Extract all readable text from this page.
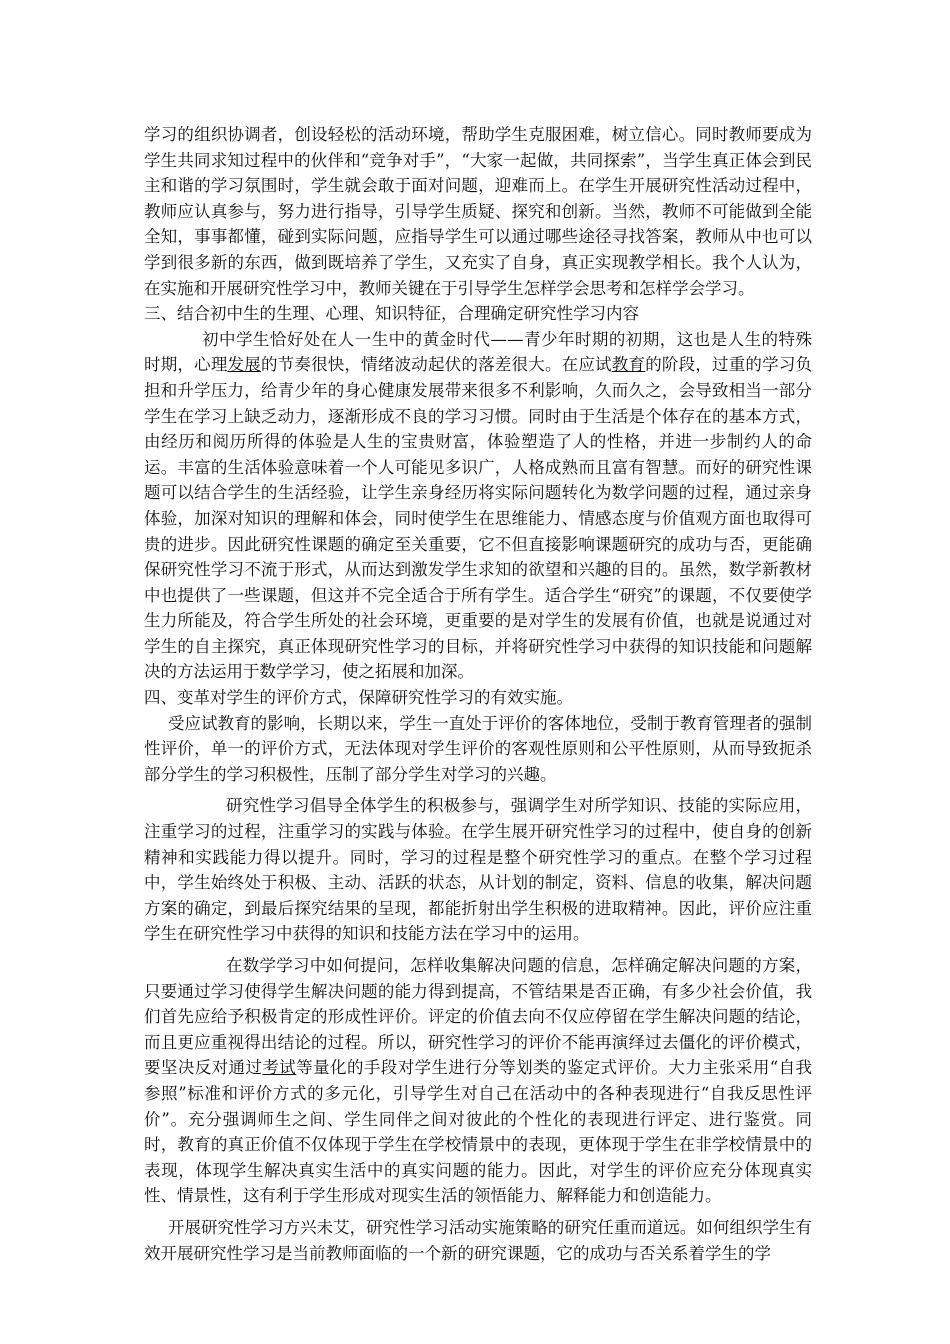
学习的组织协调者，创设轻松的活动环境，帮助学生克服困难，树立信心。同时教师要成为学生共同求知过程中的伙伴和“竞争对手”，“大家一起做，共同探索”，当学生真正体会到民主和谐的学习氛围时，学生就会敢于面对问题，迎难而上。在学生开展研究性活动过程中，教师应认真参与，努力进行指导，引导学生质疑、探究和创新。当然，教师不可能做到全能全知，事事都懂，碰到实际问题，应指导学生可以通过哪些途径寻找答案，教师从中也可以学到很多新的东西，做到既培养了学生，又充实了自身，真正实现教学相长。我个人认为，在实施和开展研究性学习中，教师关键在于引导学生怎样学会思考和怎样学会学习。

三、结合初中生的生理、心理、知识特征，合理确定研究性学习内容

初中学生恰好处在人一生中的黄金时代——青少年时期的初期，这也是人生的特殊时期，心理发展的节奏很快，情绪波动起伏的落差很大。在应试教育的阶段，过重的学习负担和升学压力，给青少年的身心健康发展带来很多不利影响，久而久之，会导致相当一部分学生在学习上缺乏动力，逐渐形成不良的学习习惯。同时由于生活是个体存在的基本方式，由经历和阅历所得的体验是人生的宝贵财富，体验塑造了人的性格，并进一步制约人的命运。丰富的生活体验意味着一个人可能见多识广，人格成熟而且富有智慧。而好的研究性课题可以结合学生的生活经验，让学生亲身经历将实际问题转化为数学问题的过程，通过亲身体验，加深对知识的理解和体会，同时使学生在思维能力、情感态度与价值观方面也取得可贵的进步。因此研究性课题的确定至关重要，它不但直接影响课题研究的成功与否，更能确保研究性学习不流于形式，从而达到激发学生求知的欲望和兴趣的目的。虽然，数学新教材中也提供了一些课题，但这并不完全适合于所有学生。适合学生“研究”的课题，不仅要使学生力所能及，符合学生所处的社会环境，更重要的是对学生的发展有价值，也就是说通过对学生的自主探究，真正体现研究性学习的目标，并将研究性学习中获得的知识技能和问题解决的方法运用于数学学习，使之拓展和加深。

四、变革对学生的评价方式，保障研究性学习的有效实施。

受应试教育的影响，长期以来，学生一直处于评价的客体地位，受制于教育管理者的强制性评价，单一的评价方式，无法体现对学生评价的客观性原则和公平性原则，从而导致扼杀部分学生的学习积极性，压制了部分学生对学习的兴趣。

研究性学习倡导全体学生的积极参与，强调学生对所学知识、技能的实际应用，注重学习的过程，注重学习的实践与体验。在学生展开研究性学习的过程中，使自身的创新精神和实践能力得以提升。同时，学习的过程是整个研究性学习的重点。在整个学习过程中，学生始终处于积极、主动、活跃的状态，从计划的制定，资料、信息的收集，解决问题方案的确定，到最后探究结果的呈现，都能折射出学生积极的进取精神。因此，评价应注重学生在研究性学习中获得的知识和技能方法在学习中的运用。

在数学学习中如何提问，怎样收集解决问题的信息，怎样确定解决问题的方案，只要通过学习使得学生解决问题的能力得到提高，不管结果是否正确，有多少社会价值，我们首先应给予积极肯定的形成性评价。评定的价值去向不仅应停留在学生解决问题的结论，而且更应重视得出结论的过程。所以，研究性学习的评价不能再演绎过去僵化的评价模式，要坚决反对通过考试等量化的手段对学生进行分等划类的鉴定式评价。大力主张采用“自我参照”标准和评价方式的多元化，引导学生对自己在活动中的各种表现进行“自我反思性评价”。充分强调师生之间、学生同伴之间对彼此的个性化的表现进行评定、进行鉴赏。同时，教育的真正价值不仅体现于学生在学校情景中的表现，更体现于学生在非学校情景中的表现，体现学生解决真实生活中的真实问题的能力。因此，对学生的评价应充分体现真实性、情景性，这有利于学生形成对现实生活的领悟能力、解释能力和创造能力。

开展研究性学习方兴未艾，研究性学习活动实施策略的研究任重而道远。如何组织学生有效开展研究性学习是当前教师面临的一个新的研究课题，它的成功与否关系着学生的学
